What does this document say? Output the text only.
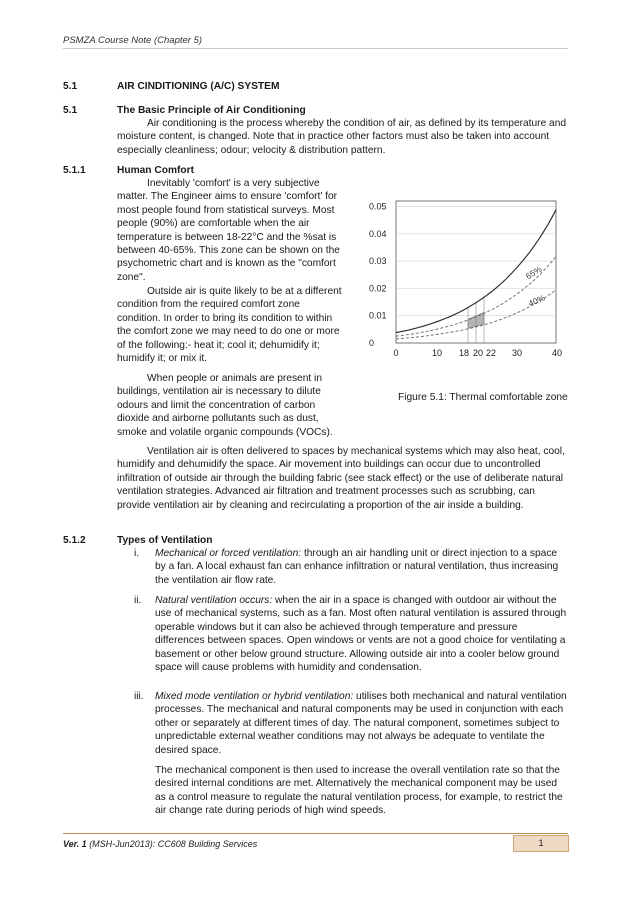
PSMZA Course Note (Chapter 5)
5.1	AIR CINDITIONING (A/C) SYSTEM
5.1	The Basic Principle of Air Conditioning

Air conditioning is the process whereby the condition of air, as defined by its temperature and moisture content, is changed. Note that in practice other factors must also be taken into account especially cleanliness; odour; velocity & distribution pattern.

5.1.1	Human Comfort

Inevitably 'comfort' is a very subjective matter. The Engineer aims to ensure 'comfort' for most people found from statistical surveys. Most people (90%) are comfortable when the air temperature is between 18-22°C and the %sat is between 40-65%. This zone can be shown on the psychometric chart and is known as the "comfort zone".

Outside air is quite likely to be at a different condition from the required comfort zone condition. In order to bring its condition to within the comfort zone we may need to do one or more of the following:- heat it; cool it; dehumidify it; humidify it; or mix it.

When people or animals are present in buildings, ventilation air is necessary to dilute odours and limit the concentration of carbon dioxide and airborne pollutants such as dust, smoke and volatile organic compounds (VOCs).

0
0.01
0.02
0.03
0.04
0.05
0	10 18 20 22 30	40
65%
40%
Figure 5.1: Thermal comfortable zone

Ventilation air is often delivered to spaces by mechanical systems which may also heat, cool, humidify and dehumidify the space. Air movement into buildings can occur due to uncontrolled infiltration of outside air through the building fabric (see stack effect) or the use of deliberate natural ventilation strategies. Advanced air filtration and treatment processes such as scrubbing, can provide ventilation air by cleaning and recirculating a proportion of the air inside a building.

5.1.2	Types of Ventilation
i.	Mechanical or forced ventilation: through an air handling unit or direct injection to a space by a fan. A local exhaust fan can enhance infiltration or natural ventilation, thus increasing the ventilation air flow rate.

ii.	Natural ventilation occurs: when the air in a space is changed with outdoor air without the use of mechanical systems, such as a fan. Most often natural ventilation is assured through operable windows but it can also be achieved through temperature and pressure differences between spaces. Open windows or vents are not a good choice for ventilating a basement or other below ground structure. Allowing outside air into a cooler below ground space will cause problems with humidity and condensation.

iii.	Mixed mode ventilation or hybrid ventilation: utilises both mechanical and natural ventilation processes. The mechanical and natural components may be used in conjunction with each other or separately at different times of day. The natural component, sometimes subject to unpredictable external weather conditions may not always be adequate to ventilate the desired space.

The mechanical component is then used to increase the overall ventilation rate so that the desired internal conditions are met. Alternatively the mechanical component may be used as a control measure to regulate the natural ventilation process, for example, to restrict the air change rate during periods of high wind speeds.

Ver. 1 (MSH-Jun2013): CC608 Building Services	1
